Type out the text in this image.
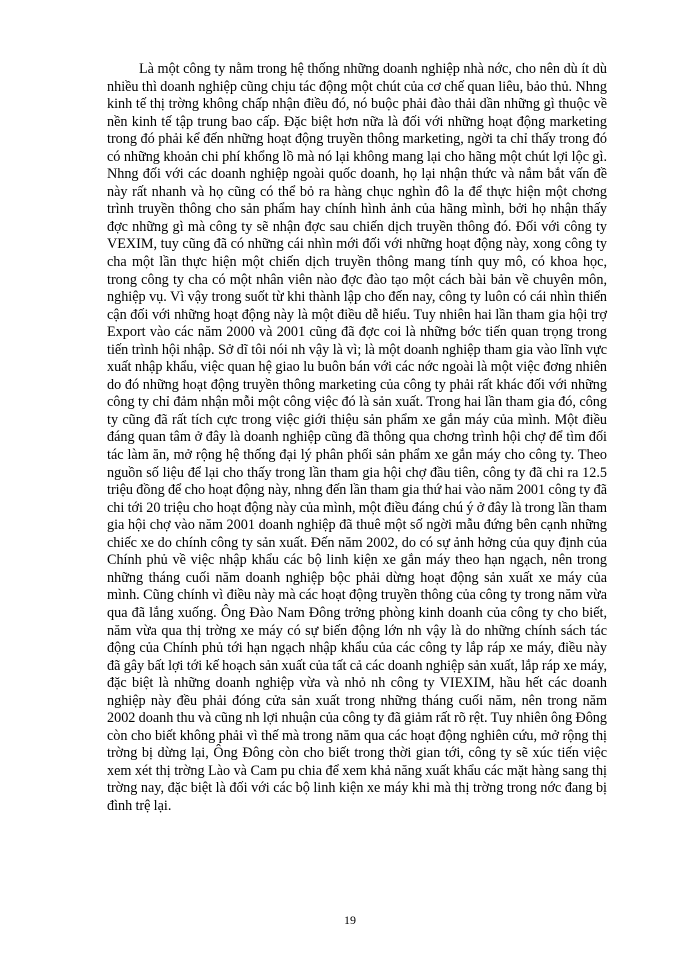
Là một công ty nằm trong hệ thống những doanh nghiệp nhà nớc, cho nên dù ít dù nhiều thì doanh nghiệp cũng chịu tác động một chút của cơ chế quan liêu, bảo thủ. Nhng kinh tế thị trờng không chấp nhận điều đó, nó buộc phải đào thải dần những gì thuộc về nền kinh tế tập trung bao cấp. Đặc biệt hơn nữa là đối với những hoạt động marketing trong đó phải kể đến những hoạt động truyền thông marketing, ngời ta chỉ thấy trong đó có những khoản chi phí khổng lồ mà nó lại không mang lại cho hãng một chút lợi lộc gì. Nhng đối với các doanh nghiệp ngoài quốc doanh, họ lại nhận thức và nắm bắt vấn đề này rất nhanh và họ cũng có thể bỏ ra hàng chục nghìn đô la để thực hiện một chơng trình truyền thông cho sản phẩm hay chính hình ảnh của hãng mình, bởi họ nhận thấy đợc những gì mà công ty sẽ nhận đợc sau chiến dịch truyền thông đó. Đối với công ty VEXIM, tuy cũng đã có những cái nhìn mới đối với những hoạt động này, xong công ty cha một lần thực hiện một chiến dịch truyền thông mang tính quy mô, có khoa học, trong công ty cha có một nhân viên nào đợc đào tạo một cách bài bản về chuyên môn, nghiệp vụ. Vì vậy trong suốt từ khi thành lập cho đến nay, công ty luôn có cái nhìn thiển cận đối với những hoạt động này là một điều dễ hiểu. Tuy nhiên hai lần tham gia hội trợ Export vào các năm 2000 và 2001 cũng đã đợc coi là những bớc tiến quan trọng trong tiến trình hội nhập. Sở dĩ tôi nói nh vậy là vì; là một doanh nghiệp tham gia vào lĩnh vực xuất nhập khẩu, việc quan hệ giao lu buôn bán với các nớc ngoài là một việc đơng nhiên do đó những hoạt động truyền thông marketing của công ty phải rất khác đối với những công ty chỉ đảm nhận mỗi một công việc đó là sản xuất. Trong hai lần tham gia đó, công ty cũng đã rất tích cực trong việc giới thiệu sản phẩm xe gắn máy của mình. Một điều đáng quan tâm ở đây là doanh nghiệp cũng đã thông qua chơng trình hội chợ để tìm đối tác làm ăn, mở rộng hệ thống đại lý phân phối sản phẩm xe gắn máy cho công ty. Theo nguồn số liệu để lại cho thấy trong lần tham gia hội chợ đầu tiên, công ty đã chi ra 12.5 triệu đồng để cho hoạt động này, nhng đến lần tham gia thứ hai vào năm 2001 công ty đã chi tới 20 triệu cho hoạt động này của mình, một điều đáng chú ý ở đây là trong lần tham gia hội chợ vào năm 2001 doanh nghiệp đã thuê một số ngời mẫu đứng bên cạnh những chiếc xe do chính công ty sản xuất. Đến năm 2002, do có sự ảnh hởng của quy định của Chính phủ về việc nhập khẩu các bộ linh kiện xe gắn máy theo hạn ngạch, nên trong những tháng cuối năm doanh nghiệp bộc phải dừng hoạt động sản xuất xe máy của mình. Cũng chính vì điều này mà các hoạt động truyền thông của công ty trong năm vừa qua đã lắng xuống. Ông Đào Nam Đông trởng phòng kinh doanh của công ty cho biết, năm vừa qua thị trờng xe máy có sự biến động lớn nh vậy là do những chính sách tác động của Chính phủ tới hạn ngạch nhập khẩu của các công ty lắp ráp xe máy, điều này đã gây bất lợi tới kế hoạch sản xuất của tất cả các doanh nghiệp sản xuất, lắp ráp xe máy, đặc biệt là những doanh nghiệp vừa và nhỏ nh công ty VIEXIM, hầu hết các doanh nghiệp này đều phải đóng cửa sản xuất trong những tháng cuối năm, nên trong năm 2002 doanh thu và cũng nh lợi nhuận của công ty đã giảm rất rõ rệt. Tuy nhiên ông Đông còn cho biết không phải vì thế mà trong năm qua các hoạt động nghiên cứu, mở rộng thị trờng bị dừng lại, Ông Đông còn cho biết trong thời gian tới, công ty sẽ xúc tiến việc xem xét thị trờng Lào và Cam pu chia để xem khả năng xuất khẩu các mặt hàng sang thị trờng nay, đặc biệt là đối với các bộ linh kiện xe máy khi mà thị trờng trong nớc đang bị đình trệ lại.

19
